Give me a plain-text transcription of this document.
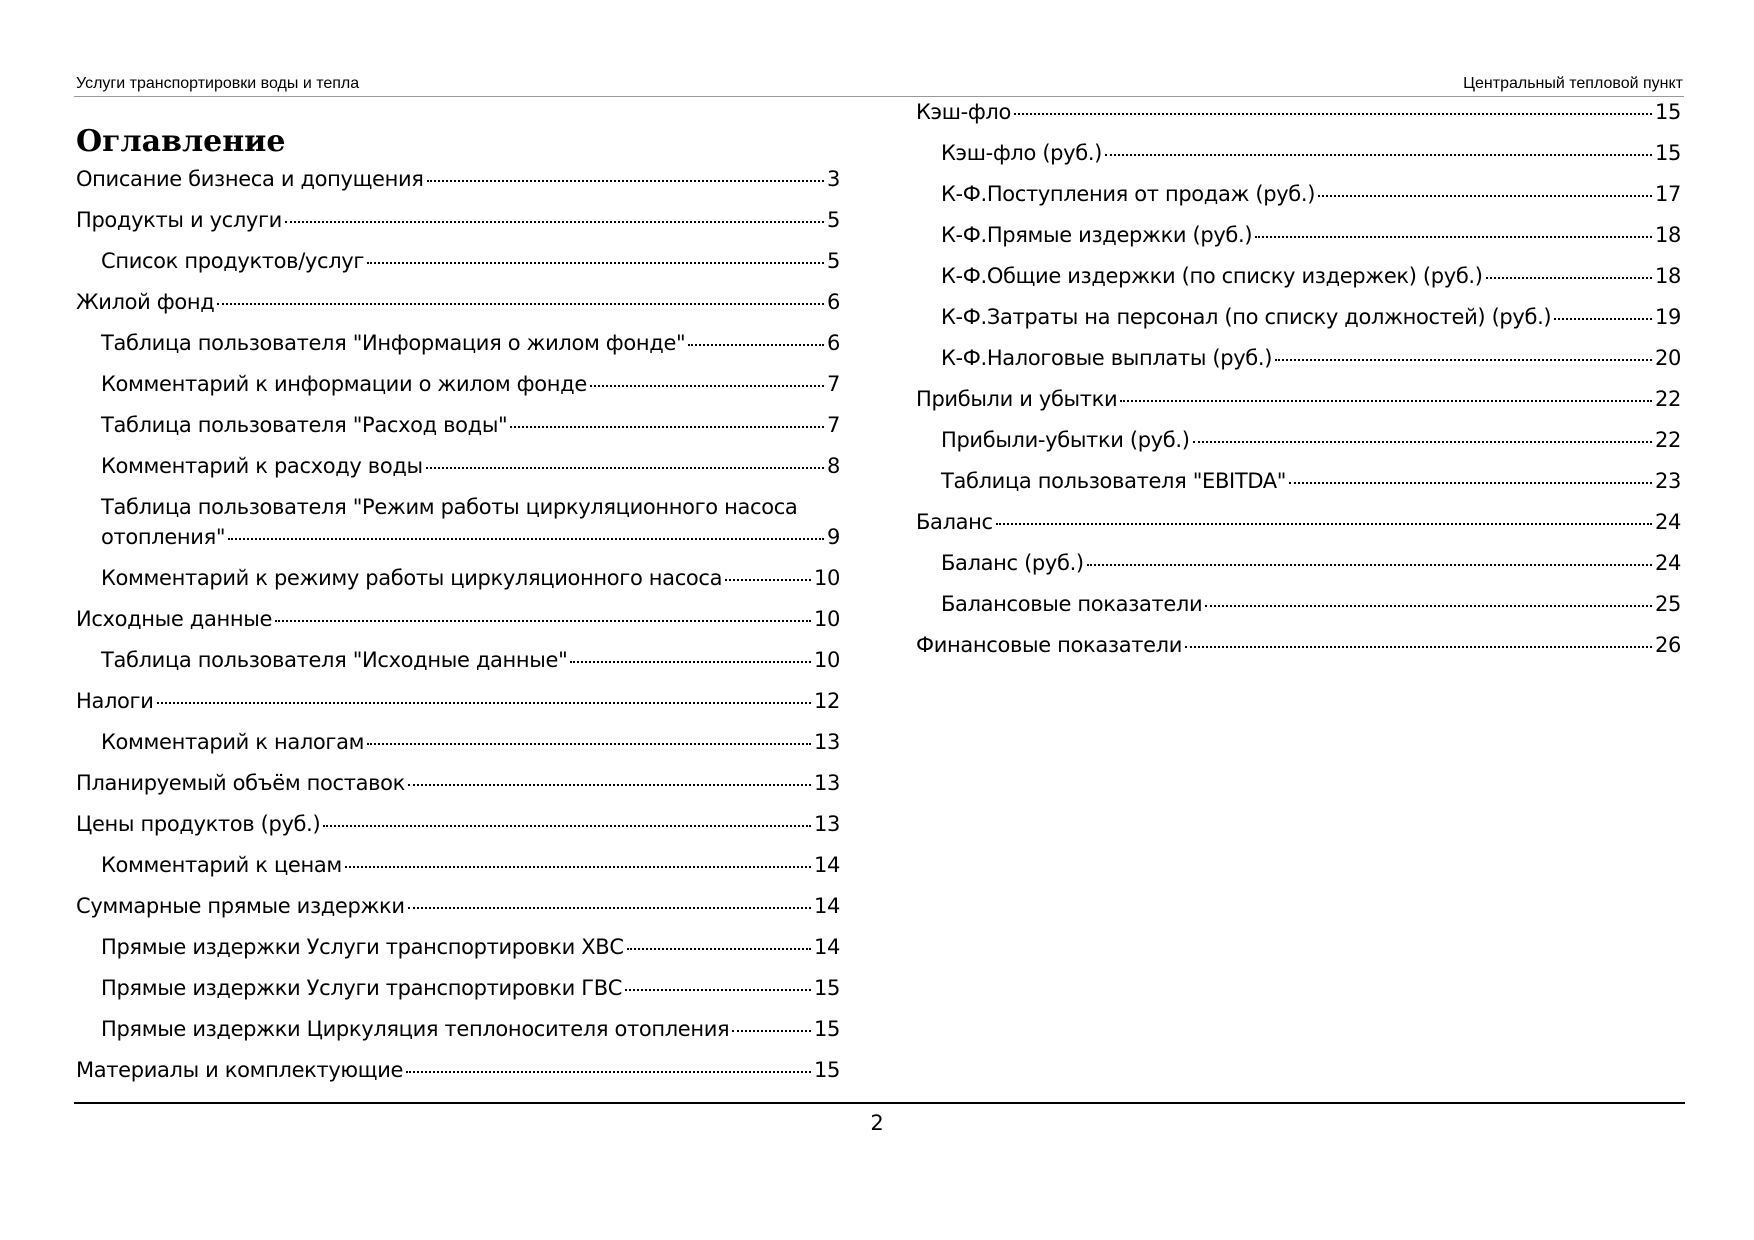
Услуги транспортировки воды и тепла	Центральный тепловой пункт
Оглавление
Описание бизнеса и допущения	3
Продукты и услуги	5
Список продуктов/услуг	5
Жилой фонд	6
Таблица пользователя "Информация о жилом фонде"	6
Комментарий к информации о жилом фонде	7
Таблица пользователя "Расход воды"	7
Комментарий к расходу воды	8
Таблица пользователя "Режим работы циркуляционного насоса
отопления"	9
Комментарий к режиму работы циркуляционного насоса	10
Исходные данные	10
Таблица пользователя "Исходные данные"	10
Налоги	12
Комментарий к налогам	13
Планируемый объём поставок	13
Цены продуктов (руб.)	13
Комментарий к ценам	14
Суммарные прямые издержки	14
Прямые издержки Услуги транспортировки ХВС	14
Прямые издержки Услуги транспортировки ГВС	15
Прямые издержки Циркуляция теплоносителя отопления	15
Материалы и комплектующие	15
Кэш-фло	15
Кэш-фло (руб.)	15
К-Ф.Поступления от продаж (руб.)	17
К-Ф.Прямые издержки (руб.)	18
К-Ф.Общие издержки (по списку издержек) (руб.)	18
К-Ф.Затраты на персонал (по списку должностей) (руб.)	19
К-Ф.Налоговые выплаты (руб.)	20
Прибыли и убытки	22
Прибыли-убытки (руб.)	22
Таблица пользователя "EBITDA"	23
Баланс	24
Баланс (руб.)	24
Балансовые показатели	25
Финансовые показатели	26
2
